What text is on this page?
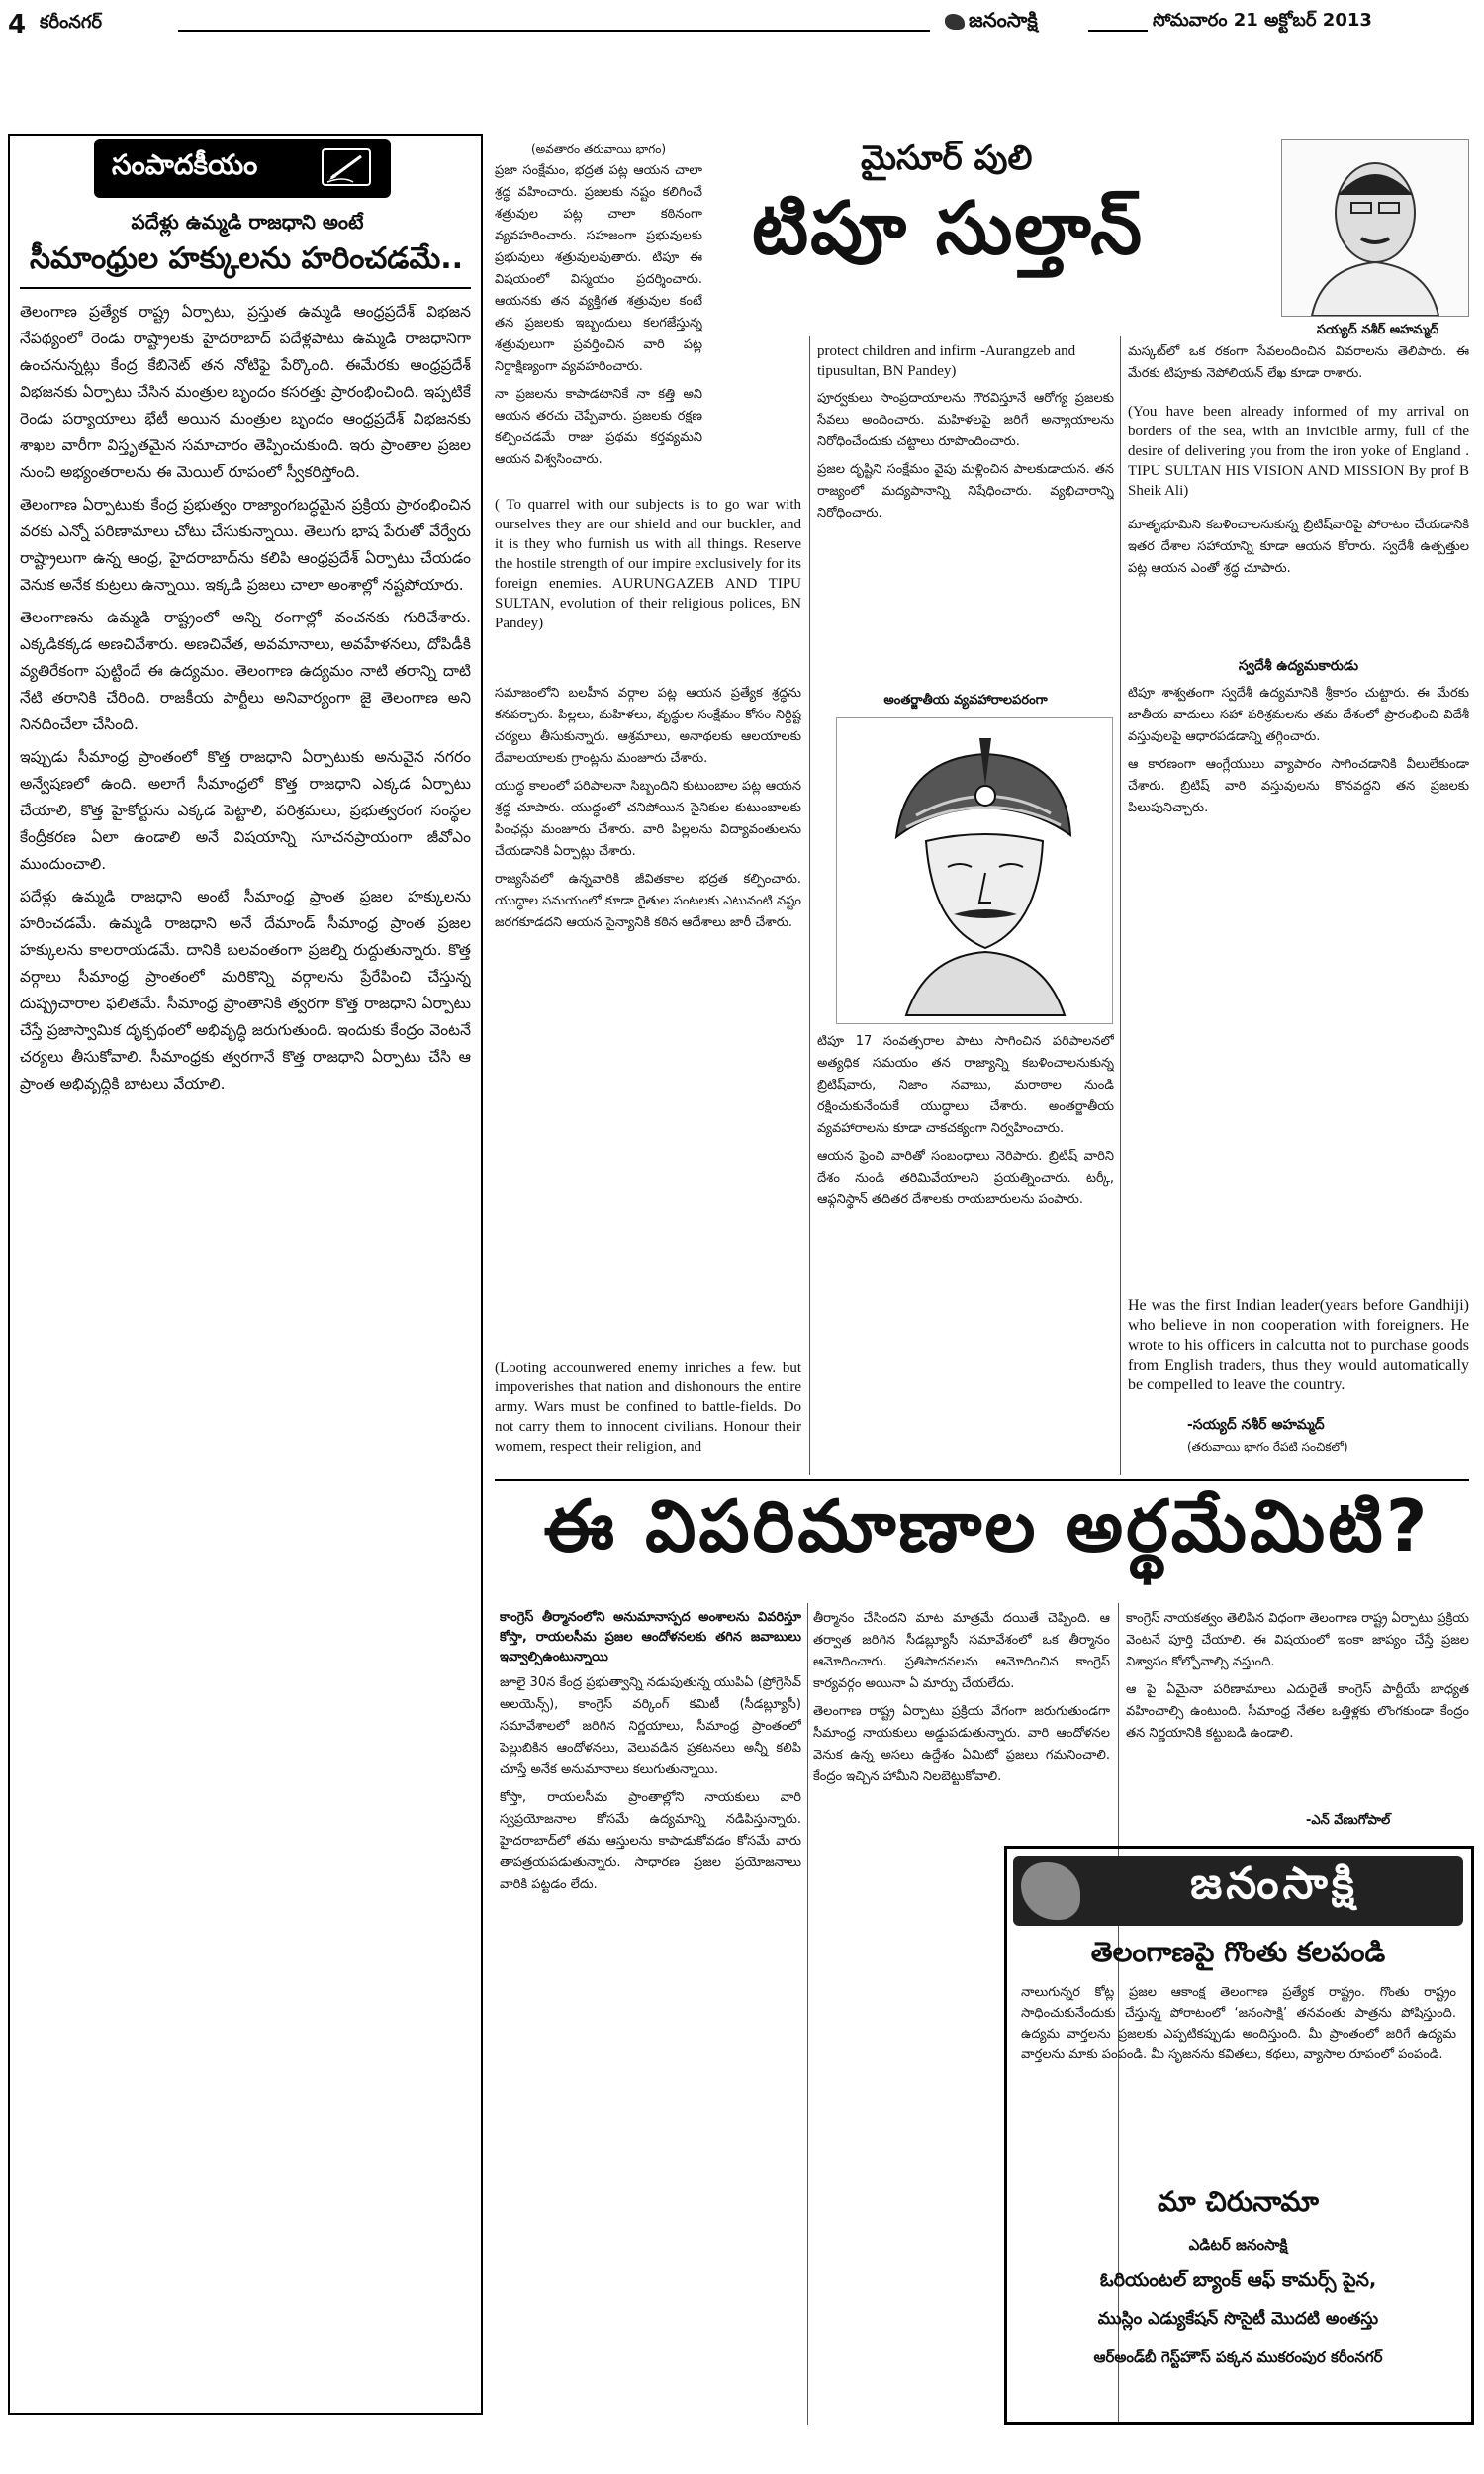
4 కరీంనగర్	జనంసాక్షి	సోమవారం 21 అక్టోబర్ 2013
సంపాదకీయం
పదేళ్లు ఉమ్మడి రాజధాని అంటే
సీమాంధ్రుల హక్కులను హరించడమే..

తెలంగాణ ప్రత్యేక రాష్ట్ర ఏర్పాటు, ప్రస్తుత ఉమ్మడి ఆంధ్రప్రదేశ్‌ విభజన నేపథ్యంలో రెండు రాష్ట్రాలకు హైదరాబాద్‌ పదేళ్లపాటు ఉమ్మడి రాజధానిగా ఉంచనున్నట్లు కేంద్ర కేబినెట్‌ తన నోటిఫై పేర్కొంది. ఈమేరకు ఆంధ్రప్రదేశ్‌ విభజనకు ఏర్పాటు చేసిన మంత్రుల బృందం కసరత్తు ప్రారంభించింది. ఇప్పటికే రెండు పర్యాయాలు భేటీ అయిన మంత్రుల బృందం ఆంధ్రప్రదేశ్‌ విభజనకు శాఖల వారీగా విస్తృతమైన సమాచారం తెప్పించుకుంది. ఇరు ప్రాంతాల ప్రజల నుంచి అభ్యంతరాలను ఈ మెయిల్‌ రూపంలో స్వీకరిస్తోంది.

తెలంగాణ ఏర్పాటుకు కేంద్ర ప్రభుత్వం రాజ్యాంగబద్ధమైన ప్రక్రియ ప్రారంభించిన వరకు ఎన్నో పరిణామాలు చోటు చేసుకున్నాయి. తెలుగు భాష పేరుతో వేర్వేరు రాష్ట్రాలుగా ఉన్న ఆంధ్ర, హైదరాబాద్‌ను కలిపి ఆంధ్రప్రదేశ్‌ ఏర్పాటు చేయడం వెనుక అనేక కుట్రలు ఉన్నాయి. ఇక్కడి ప్రజలు చాలా అంశాల్లో నష్టపోయారు.

తెలంగాణను ఉమ్మడి రాష్ట్రంలో అన్ని రంగాల్లో వంచనకు గురిచేశారు. ఎక్కడికక్కడ అణచివేశారు. అణచివేత, అవమానాలు, అవహేళనలు, దోపిడీకి వ్యతిరేకంగా పుట్టిందే ఈ ఉద్యమం. తెలంగాణ ఉద్యమం నాటి తరాన్ని దాటి నేటి తరానికి చేరింది. రాజకీయ పార్టీలు అనివార్యంగా జై తెలంగాణ అని నినదించేలా చేసింది.

ఇప్పుడు సీమాంధ్ర ప్రాంతంలో కొత్త రాజధాని ఏర్పాటుకు అనువైన నగరం అన్వేషణలో ఉంది. అలాగే సీమాంధ్రలో కొత్త రాజధాని ఎక్కడ ఏర్పాటు చేయాలి, కొత్త హైకోర్టును ఎక్కడ పెట్టాలి, పరిశ్రమలు, ప్రభుత్వరంగ సంస్థల కేంద్రీకరణ ఏలా ఉండాలి అనే విషయాన్ని సూచనప్రాయంగా జీవోఎం ముందుంచాలి.

పదేళ్లు ఉమ్మడి రాజధాని అంటే సీమాంధ్ర ప్రాంత ప్రజల హక్కులను హరించడమే. ఉమ్మడి రాజధాని అనే దేమాండ్‌ సీమాంధ్ర ప్రాంత ప్రజల హక్కులను కాలరాయడమే. దానికి బలవంతంగా ప్రజల్ని రుద్దుతున్నారు. కొత్త వర్గాలు సీమాంధ్ర ప్రాంతంలో మరికొన్ని వర్గాలను ప్రేరేపించి చేస్తున్న దుష్ప్రచారాల ఫలితమే. సీమాంధ్ర ప్రాంతానికి త్వరగా కొత్త రాజధాని ఏర్పాటు చేస్తే ప్రజాస్వామిక దృక్పథంలో అభివృద్ధి జరుగుతుంది. ఇందుకు కేంద్రం వెంటనే చర్యలు తీసుకోవాలి. సీమాంధ్రకు త్వరగానే కొత్త రాజధాని ఏర్పాటు చేసి ఆ ప్రాంత అభివృద్ధికి బాటలు వేయాలి.

మైసూర్‌ పులి
టిపూ సుల్తాన్‌
సయ్యద్‌ నశీర్‌ అహమ్మద్‌
(అవతారం తరువాయి భాగం)

ప్రజా సంక్షేమం, భద్రత పట్ల ఆయన చాలా శ్రద్ధ వహించారు. ప్రజలకు నష్టం కలిగించే శత్రువుల పట్ల చాలా కఠినంగా వ్యవహరించారు. సహజంగా ప్రభువులకు ప్రభువులు శత్రువులవుతారు. టిపూ ఈ విషయంలో విస్మయం ప్రదర్శించారు. ఆయనకు తన వ్యక్తిగత శత్రువుల కంటే తన ప్రజలకు ఇబ్బందులు కలగజేస్తున్న శత్రువులుగా ప్రవర్తించిన వారి పట్ల నిర్దాక్షిణ్యంగా వ్యవహరించారు.

నా ప్రజలను కాపాడటానికే నా కత్తి అని ఆయన తరచు చెప్పేవారు. ప్రజలకు రక్షణ కల్పించడమే రాజు ప్రథమ కర్తవ్యమని ఆయన విశ్వసించారు.

( To quarrel with our subjects is to go war with ourselves they are our shield and our buckler, and it is they who furnish us with all things. Reserve the hostile strength of our impire exclusively for its foreign enemies. AURUNGAZEB AND TIPU SULTAN, evolution of their religious polices, BN Pandey)

సమాజంలోని బలహీన వర్గాల పట్ల ఆయన ప్రత్యేక శ్రద్ధను కనపర్చారు. పిల్లలు, మహిళలు, వృద్ధుల సంక్షేమం కోసం నిర్దిష్ట చర్యలు తీసుకున్నారు. ఆశ్రమాలు, అనాథలకు ఆలయాలకు దేవాలయాలకు గ్రాంట్లను మంజూరు చేశారు.

యుద్ధ కాలంలో పరిపాలనా సిబ్బందిని కుటుంబాల పట్ల ఆయన శ్రద్ధ చూపారు. యుద్ధంలో చనిపోయిన సైనికుల కుటుంబాలకు పింఛన్లు మంజూరు చేశారు. వారి పిల్లలను విద్యావంతులను చేయడానికి ఏర్పాట్లు చేశారు.

రాజ్యసేవలో ఉన్నవారికి జీవితకాల భద్రత కల్పించారు. యుద్ధాల సమయంలో కూడా రైతుల పంటలకు ఎటువంటి నష్టం జరగకూడదని ఆయన సైన్యానికి కఠిన ఆదేశాలు జారీ చేశారు.

(Looting accounwered enemy inriches a few. but impoverishes that nation and dishonours the entire army. Wars must be confined to battle-fields. Do not carry them to innocent civilians. Honour their womem, respect their religion, and
protect children and infirm -Aurangzeb and tipusultan, BN Pandey)

పూర్వకులు సాంప్రదాయాలను గౌరవిస్తూనే ఆరోగ్య ప్రజలకు సేవలు అందించారు. మహిళలపై జరిగే అన్యాయాలను నిరోధించేందుకు చట్టాలు రూపొందించారు.

ప్రజల దృష్టిని సంక్షేమం వైపు మళ్లించిన పాలకుడాయన. తన రాజ్యంలో మద్యపానాన్ని నిషేధించారు. వ్యభిచారాన్ని నిరోధించారు.

అంతర్జాతీయ వ్యవహారాలపరంగా

టిపూ 17 సంవత్సరాల పాటు సాగించిన పరిపాలనలో అత్యధిక సమయం తన రాజ్యాన్ని కబళించాలనుకున్న బ్రిటిష్‌వారు, నిజాం నవాబు, మరాఠాల నుండి రక్షించుకునేందుకే యుద్ధాలు చేశారు. అంతర్జాతీయ వ్యవహారాలను కూడా చాకచక్యంగా నిర్వహించారు.

ఆయన ఫ్రెంచి వారితో సంబంధాలు నెరిపారు. బ్రిటిష్‌ వారిని దేశం నుండి తరిమివేయాలని ప్రయత్నించారు. టర్కీ, ఆఫ్గనిస్థాన్‌ తదితర దేశాలకు రాయబారులను పంపారు.

మస్కట్‌లో ఒక రకంగా సేవలందించిన వివరాలను తెలిపారు. ఈ మేరకు టిపూకు నెపోలియన్‌ లేఖ కూడా రాశారు.

(You have been already informed of my arrival on borders of the sea, with an invicible army, full of the desire of delivering you from the iron yoke of England . TIPU SULTAN HIS VISION AND MISSION By prof B Sheik Ali)

మాతృభూమిని కబళించాలనుకున్న బ్రిటిష్‌వారిపై పోరాటం చేయడానికి ఇతర దేశాల సహాయాన్ని కూడా ఆయన కోరారు. స్వదేశీ ఉత్పత్తుల పట్ల ఆయన ఎంతో శ్రద్ధ చూపారు.

స్వదేశీ ఉద్యమకారుడు

టిపూ శాశ్వతంగా స్వదేశీ ఉద్యమానికి శ్రీకారం చుట్టారు. ఈ మేరకు జాతీయ వాదులు సహా పరిశ్రమలను తమ దేశంలో ప్రారంభించి విదేశీ వస్తువులపై ఆధారపడడాన్ని తగ్గించారు.

ఆ కారణంగా ఆంగ్లేయులు వ్యాపారం సాగించడానికి వీలులేకుండా చేశారు. బ్రిటిష్‌ వారి వస్తువులను కొనవద్దని తన ప్రజలకు పిలుపునిచ్చారు.

He was the first Indian leader(years before Gandhiji) who believe in non cooperation with foreigners. He wrote to his officers in calcutta not to purchase goods from English traders, thus they would automatically be compelled to leave the country.
-సయ్యద్‌ నశీర్‌ అహమ్మద్‌
(తరువాయి భాగం రేపటి సంచికలో)
ఈ విపరిమాణాల అర్థమేమిటి?
కాంగ్రెస్‌ తీర్మానంలోని అనుమానాస్పద అంశాలను వివరిస్తూ కోస్తా, రాయలసీమ ప్రజల ఆందోళనలకు తగిన జవాబులు ఇవ్వాల్సిఉంటున్నాయి

జూలై 30న కేంద్ర ప్రభుత్వాన్ని నడుపుతున్న యుపిఏ (ప్రోగ్రెసివ్‌ అలయెన్స్‌), కాంగ్రెస్‌ వర్కింగ్‌ కమిటీ (సీడబ్ల్యూసీ) సమావేశాలలో జరిగిన నిర్ణయాలు, సీమాంధ్ర ప్రాంతంలో పెల్లుబికిన ఆందోళనలు, వెలువడిన ప్రకటనలు అన్నీ కలిపి చూస్తే అనేక అనుమానాలు కలుగుతున్నాయి.

కోస్తా, రాయలసీమ ప్రాంతాల్లోని నాయకులు వారి స్వప్రయోజనాల కోసమే ఉద్యమాన్ని నడిపిస్తున్నారు. హైదరాబాద్‌లో తమ ఆస్తులను కాపాడుకోవడం కోసమే వారు తాపత్రయపడుతున్నారు. సాధారణ ప్రజల ప్రయోజనాలు వారికి పట్టడం లేదు.

తీర్మానం చేసిందని మాట మాత్రమే దయితే చెప్పింది. ఆ తర్వాత జరిగిన సీడబ్ల్యూసీ సమావేశంలో ఒక తీర్మానం ఆమోదించారు. ప్రతిపాదనలను ఆమోదించిన కాంగ్రెస్‌ కార్యవర్గం అయినా ఏ మార్పు చేయలేదు.

తెలంగాణ రాష్ట్ర ఏర్పాటు ప్రక్రియ వేగంగా జరుగుతుండగా సీమాంధ్ర నాయకులు అడ్డుపడుతున్నారు. వారి ఆందోళనల వెనుక ఉన్న అసలు ఉద్దేశం ఏమిటో ప్రజలు గమనించాలి. కేంద్రం ఇచ్చిన హామీని నిలబెట్టుకోవాలి.

కాంగ్రెస్‌ నాయకత్వం తెలిపిన విధంగా తెలంగాణ రాష్ట్ర ఏర్పాటు ప్రక్రియ వెంటనే పూర్తి చేయాలి. ఈ విషయంలో ఇంకా జాప్యం చేస్తే ప్రజల విశ్వాసం కోల్పోవాల్సి వస్తుంది.

ఆ పై ఏమైనా పరిణామాలు ఎదురైతే కాంగ్రెస్‌ పార్టీయే బాధ్యత వహించాల్సి ఉంటుంది. సీమాంధ్ర నేతల ఒత్తిళ్లకు లొంగకుండా కేంద్రం తన నిర్ణయానికి కట్టుబడి ఉండాలి.

-ఎన్‌ వేణుగోపాల్‌
జనంసాక్షి
తెలంగాణపై గొంతు కలపండి
నాలుగున్నర కోట్ల ప్రజల ఆకాంక్ష తెలంగాణ ప్రత్యేక రాష్ట్రం. గొంతు రాష్ట్రం సాధించుకునేందుకు చేస్తున్న పోరాటంలో ‘జనంసాక్షి’ తనవంతు పాత్రను పోషిస్తుంది. ఉద్యమ వార్తలను ప్రజలకు ఎప్పటికప్పుడు అందిస్తుంది. మీ ప్రాంతంలో జరిగే ఉద్యమ వార్తలను మాకు పంపండి. మీ సృజనను కవితలు, కథలు, వ్యాసాల రూపంలో పంపండి.
మా చిరునామా
ఎడిటర్‌ జనంసాక్షి
ఓరియంటల్‌ బ్యాంక్‌ ఆఫ్‌ కామర్స్‌ పైన,
ముస్లిం ఎడ్యుకేషన్‌ సొసైటీ మొదటి అంతస్తు
ఆర్‌అండ్‌బీ గెస్ట్‌హౌస్‌ పక్కన ముకరంపుర కరీంనగర్‌
